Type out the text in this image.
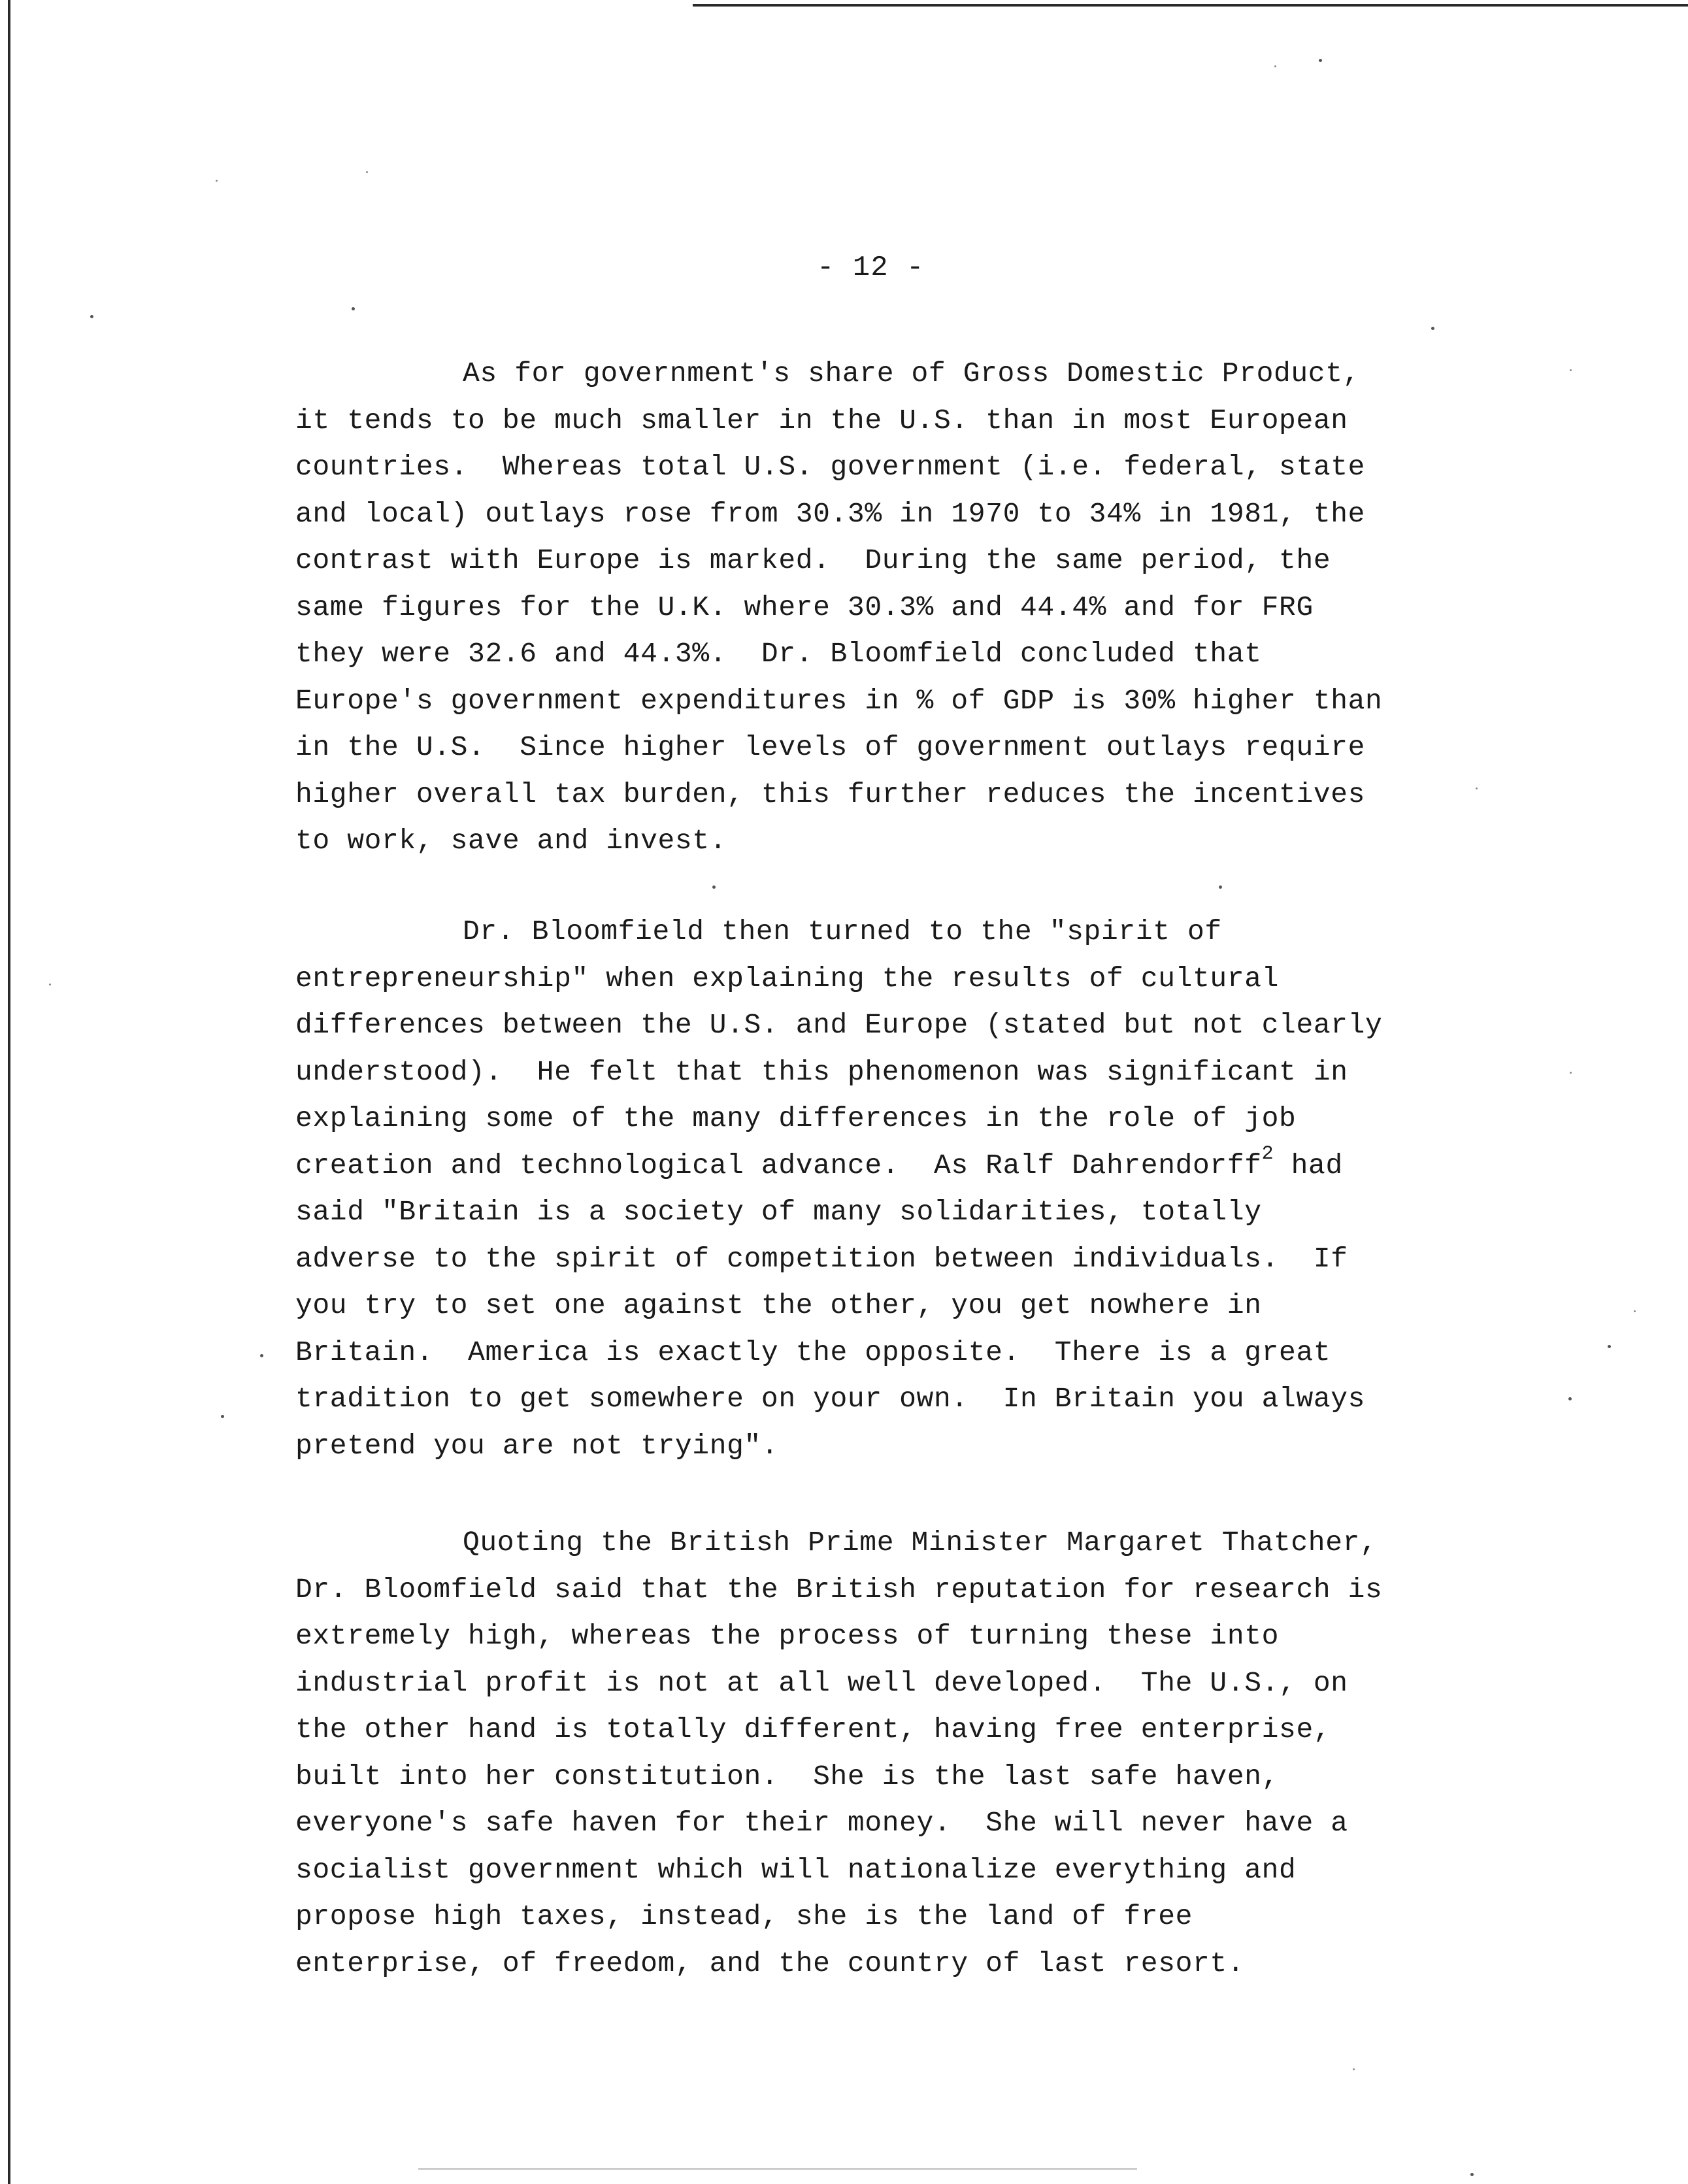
- 12 -
As for government's share of Gross Domestic Product,
it tends to be much smaller in the U.S. than in most European
countries.  Whereas total U.S. government (i.e. federal, state
and local) outlays rose from 30.3% in 1970 to 34% in 1981, the
contrast with Europe is marked.  During the same period, the
same figures for the U.K. where 30.3% and 44.4% and for FRG
they were 32.6 and 44.3%.  Dr. Bloomfield concluded that
Europe's government expenditures in % of GDP is 30% higher than
in the U.S.  Since higher levels of government outlays require
higher overall tax burden, this further reduces the incentives
to work, save and invest.
Dr. Bloomfield then turned to the "spirit of
entrepreneurship" when explaining the results of cultural
differences between the U.S. and Europe (stated but not clearly
understood).  He felt that this phenomenon was significant in
explaining some of the many differences in the role of job
creation and technological advance.  As Ralf Dahrendorff$^2$ had
said "Britain is a society of many solidarities, totally
adverse to the spirit of competition between individuals.  If
you try to set one against the other, you get nowhere in
Britain.  America is exactly the opposite.  There is a great
tradition to get somewhere on your own.  In Britain you always
pretend you are not trying".
Quoting the British Prime Minister Margaret Thatcher,
Dr. Bloomfield said that the British reputation for research is
extremely high, whereas the process of turning these into
industrial profit is not at all well developed.  The U.S., on
the other hand is totally different, having free enterprise,
built into her constitution.  She is the last safe haven,
everyone's safe haven for their money.  She will never have a
socialist government which will nationalize everything and
propose high taxes, instead, she is the land of free
enterprise, of freedom, and the country of last resort.
